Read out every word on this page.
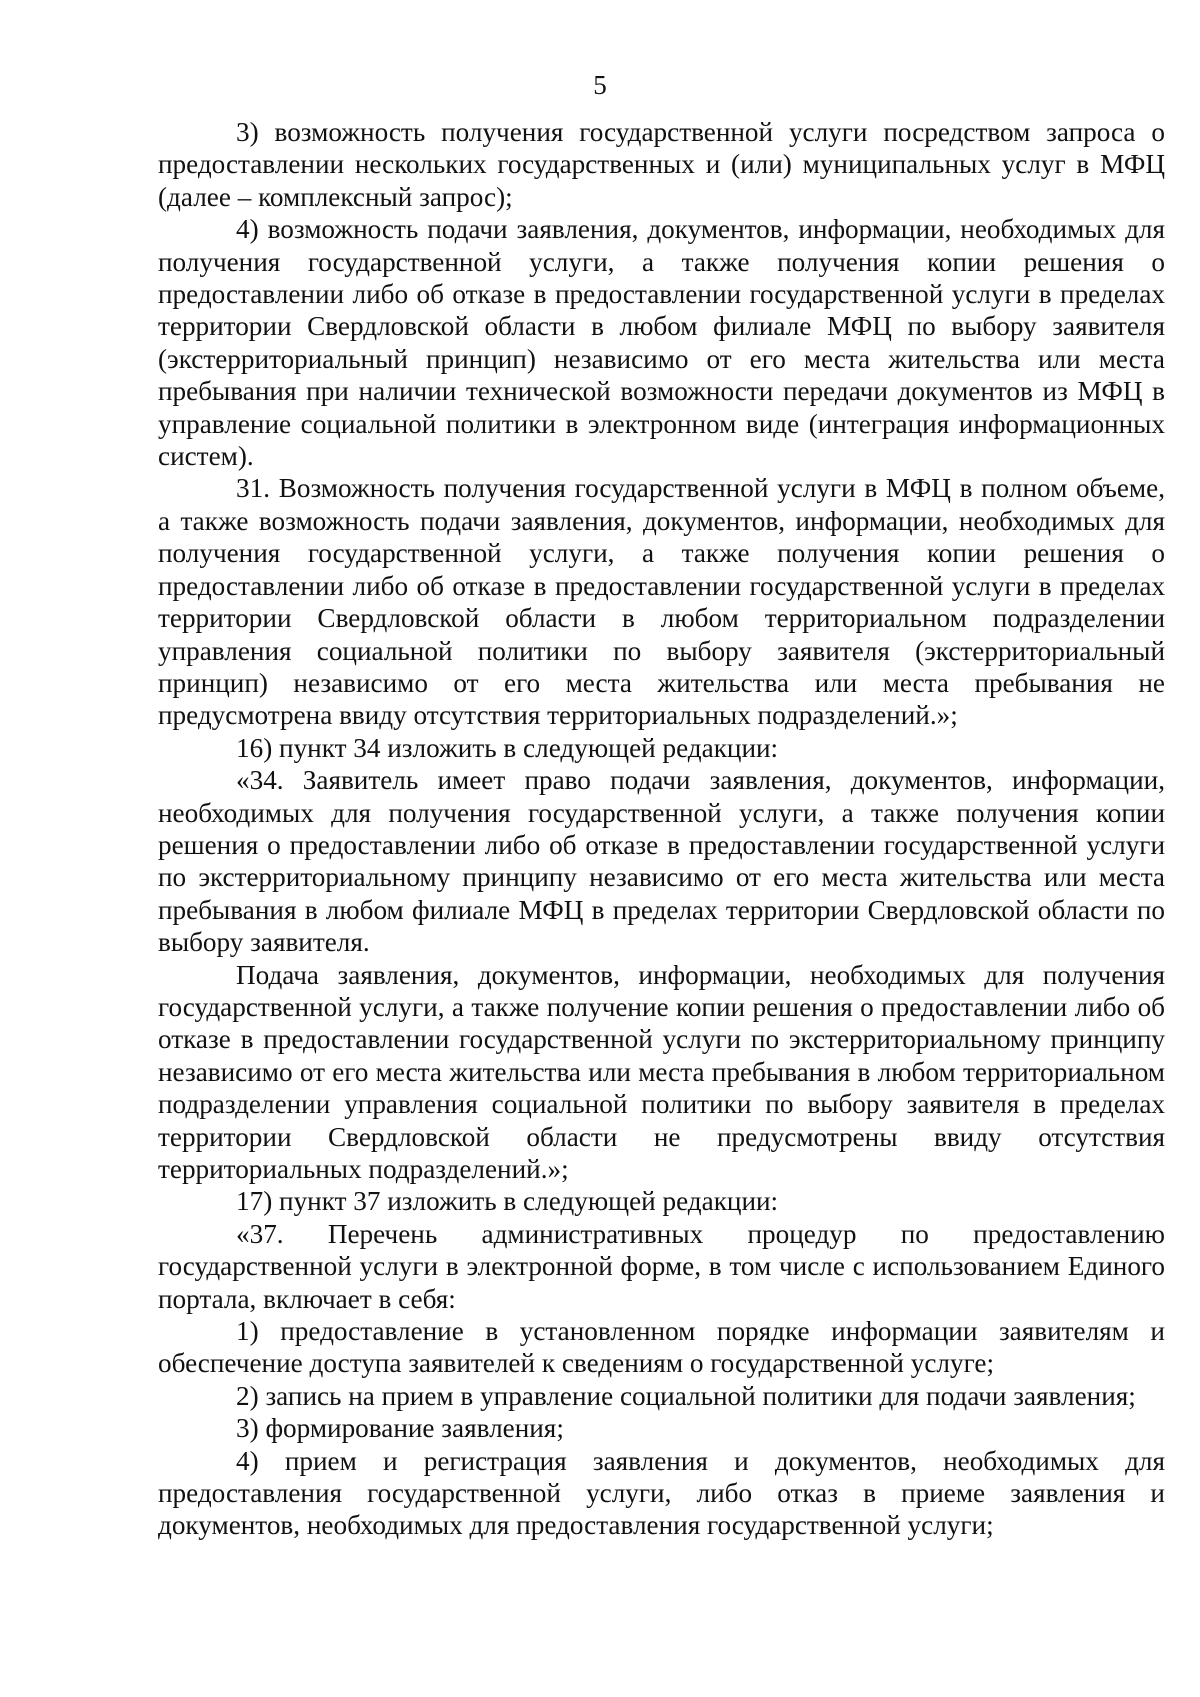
5

3) возможность получения государственной услуги посредством запроса о предоставлении нескольких государственных и (или) муниципальных услуг в МФЦ (далее – комплексный запрос);

4) возможность подачи заявления, документов, информации, необходимых для получения государственной услуги, а также получения копии решения о предоставлении либо об отказе в предоставлении государственной услуги в пределах территории Свердловской области в любом филиале МФЦ по выбору заявителя (экстерриториальный принцип) независимо от его места жительства или места пребывания при наличии технической возможности передачи документов из МФЦ в управление социальной политики в электронном виде (интеграция информационных систем).

31. Возможность получения государственной услуги в МФЦ в полном объеме, а также возможность подачи заявления, документов, информации, необходимых для получения государственной услуги, а также получения копии решения о предоставлении либо об отказе в предоставлении государственной услуги в пределах территории Свердловской области в любом территориальном подразделении управления социальной политики по выбору заявителя (экстерриториальный принцип) независимо от его места жительства или места пребывания не предусмотрена ввиду отсутствия территориальных подразделений.»;

16) пункт 34 изложить в следующей редакции:

«34. Заявитель имеет право подачи заявления, документов, информации, необходимых для получения государственной услуги, а также получения копии решения о предоставлении либо об отказе в предоставлении государственной услуги по экстерриториальному принципу независимо от его места жительства или места пребывания в любом филиале МФЦ в пределах территории Свердловской области по выбору заявителя.

Подача заявления, документов, информации, необходимых для получения государственной услуги, а также получение копии решения о предоставлении либо об отказе в предоставлении государственной услуги по экстерриториальному принципу независимо от его места жительства или места пребывания в любом территориальном подразделении управления социальной политики по выбору заявителя в пределах территории Свердловской области не предусмотрены ввиду отсутствия территориальных подразделений.»;

17) пункт 37 изложить в следующей редакции:

«37. Перечень административных процедур по предоставлению государственной услуги в электронной форме, в том числе с использованием Единого портала, включает в себя:

1) предоставление в установленном порядке информации заявителям и обеспечение доступа заявителей к сведениям о государственной услуге;

2) запись на прием в управление социальной политики для подачи заявления;

3) формирование заявления;

4) прием и регистрация заявления и документов, необходимых для предоставления государственной услуги, либо отказ в приеме заявления и документов, необходимых для предоставления государственной услуги;
